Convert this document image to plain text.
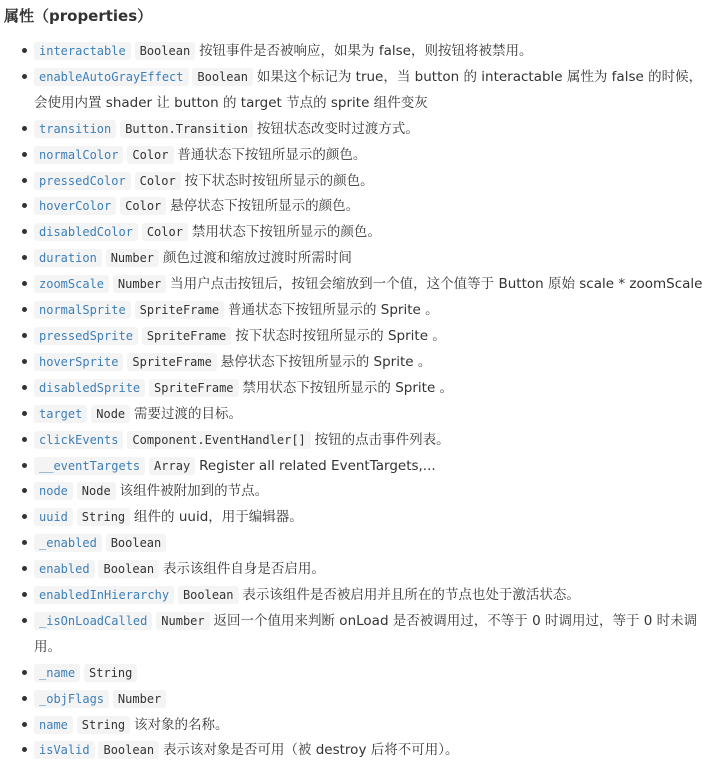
属性（properties）
interactable Boolean 按钮事件是否被响应，如果为 false，则按钮将被禁用。
enableAutoGrayEffect Boolean 如果这个标记为 true，当 button 的 interactable 属性为 false 的时候，会使用内置 shader 让 button 的 target 节点的 sprite 组件变灰
transition Button.Transition 按钮状态改变时过渡方式。
normalColor Color 普通状态下按钮所显示的颜色。
pressedColor Color 按下状态时按钮所显示的颜色。
hoverColor Color 悬停状态下按钮所显示的颜色。
disabledColor Color 禁用状态下按钮所显示的颜色。
duration Number 颜色过渡和缩放过渡时所需时间
zoomScale Number 当用户点击按钮后，按钮会缩放到一个值，这个值等于 Button 原始 scale * zoomScale
normalSprite SpriteFrame 普通状态下按钮所显示的 Sprite 。
pressedSprite SpriteFrame 按下状态时按钮所显示的 Sprite 。
hoverSprite SpriteFrame 悬停状态下按钮所显示的 Sprite 。
disabledSprite SpriteFrame 禁用状态下按钮所显示的 Sprite 。
target Node 需要过渡的目标。
clickEvents Component.EventHandler[] 按钮的点击事件列表。
__eventTargets Array Register all related EventTargets,...
node Node 该组件被附加到的节点。
uuid String 组件的 uuid，用于编辑器。
_enabled Boolean
enabled Boolean 表示该组件自身是否启用。
enabledInHierarchy Boolean 表示该组件是否被启用并且所在的节点也处于激活状态。
_isOnLoadCalled Number 返回一个值用来判断 onLoad 是否被调用过，不等于 0 时调用过，等于 0 时未调用。
_name String
_objFlags Number
name String 该对象的名称。
isValid Boolean 表示该对象是否可用（被 destroy 后将不可用）。
